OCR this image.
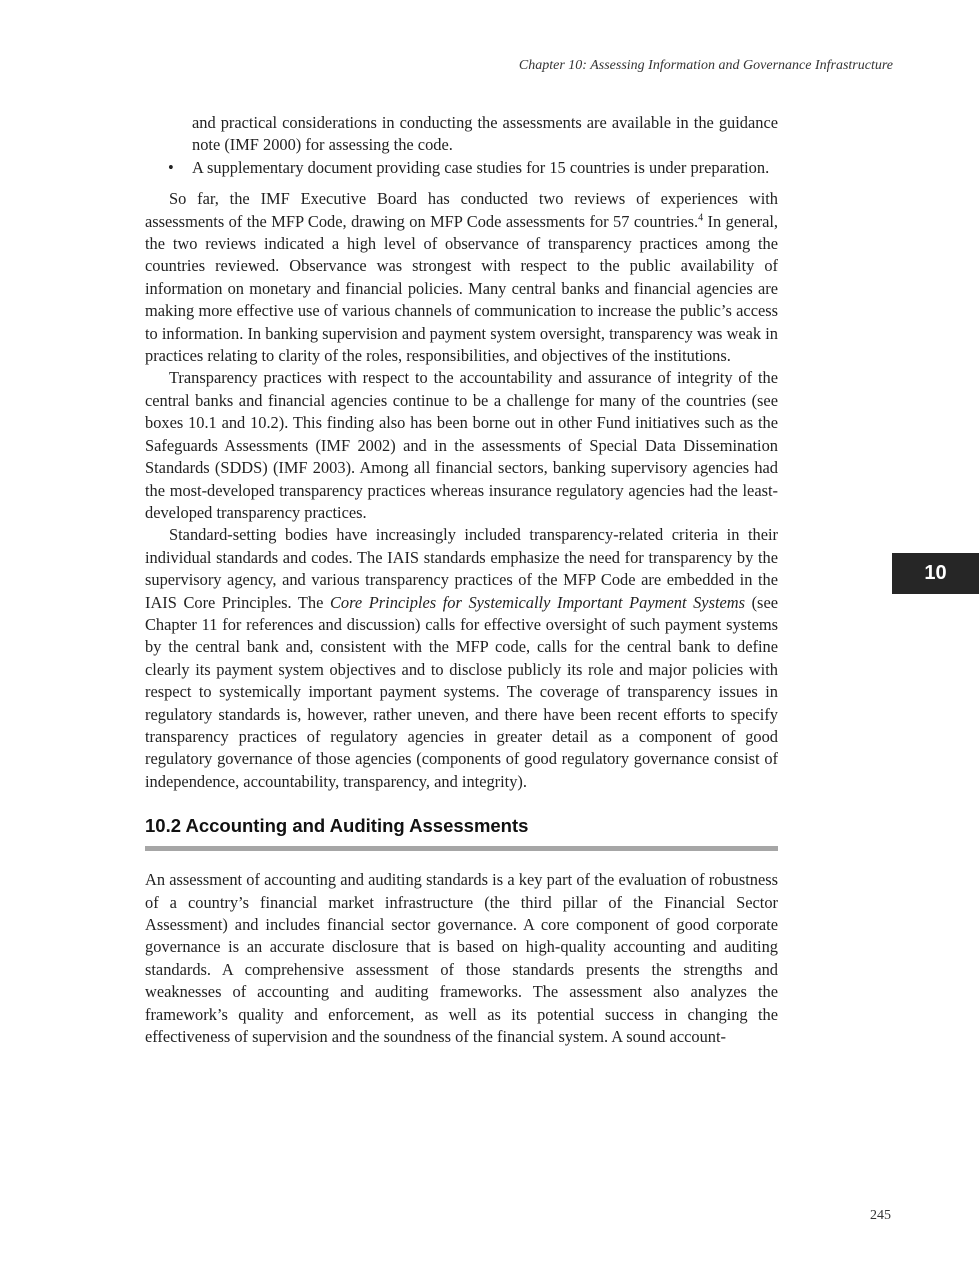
Chapter 10: Assessing Information and Governance Infrastructure
10

and practical considerations in conducting the assessments are available in the guidance note (IMF 2000) for assessing the code.

• A supplementary document providing case studies for 15 countries is under preparation.

So far, the IMF Executive Board has conducted two reviews of experiences with assessments of the MFP Code, drawing on MFP Code assessments for 57 countries.$^4$ In general, the two reviews indicated a high level of observance of transparency practices among the countries reviewed. Observance was strongest with respect to the public availability of information on monetary and financial policies. Many central banks and financial agencies are making more effective use of various channels of communication to increase the public’s access to information. In banking supervision and payment system oversight, transparency was weak in practices relating to clarity of the roles, responsibilities, and objectives of the institutions.

Transparency practices with respect to the accountability and assurance of integrity of the central banks and financial agencies continue to be a challenge for many of the countries (see boxes 10.1 and 10.2). This finding also has been borne out in other Fund initiatives such as the Safeguards Assessments (IMF 2002) and in the assessments of Special Data Dissemination Standards (SDDS) (IMF 2003). Among all financial sectors, banking supervisory agencies had the most-developed transparency practices whereas insurance regulatory agencies had the least-developed transparency practices.

Standard-setting bodies have increasingly included transparency-related criteria in their individual standards and codes. The IAIS standards emphasize the need for transparency by the supervisory agency, and various transparency practices of the MFP Code are embedded in the IAIS Core Principles. The Core Principles for Systemically Important Payment Systems (see Chapter 11 for references and discussion) calls for effective oversight of such payment systems by the central bank and, consistent with the MFP code, calls for the central bank to define clearly its payment system objectives and to disclose publicly its role and major policies with respect to systemically important payment systems. The coverage of transparency issues in regulatory standards is, however, rather uneven, and there have been recent efforts to specify transparency practices of regulatory agencies in greater detail as a component of good regulatory governance of those agencies (components of good regulatory governance consist of independence, accountability, transparency, and integrity).

10.2 Accounting and Auditing Assessments

An assessment of accounting and auditing standards is a key part of the evaluation of robustness of a country’s financial market infrastructure (the third pillar of the Financial Sector Assessment) and includes financial sector governance. A core component of good corporate governance is an accurate disclosure that is based on high-quality accounting and auditing standards. A comprehensive assessment of those standards presents the strengths and weaknesses of accounting and auditing frameworks. The assessment also analyzes the framework’s quality and enforcement, as well as its potential success in changing the effectiveness of supervision and the soundness of the financial system. A sound account-

245
